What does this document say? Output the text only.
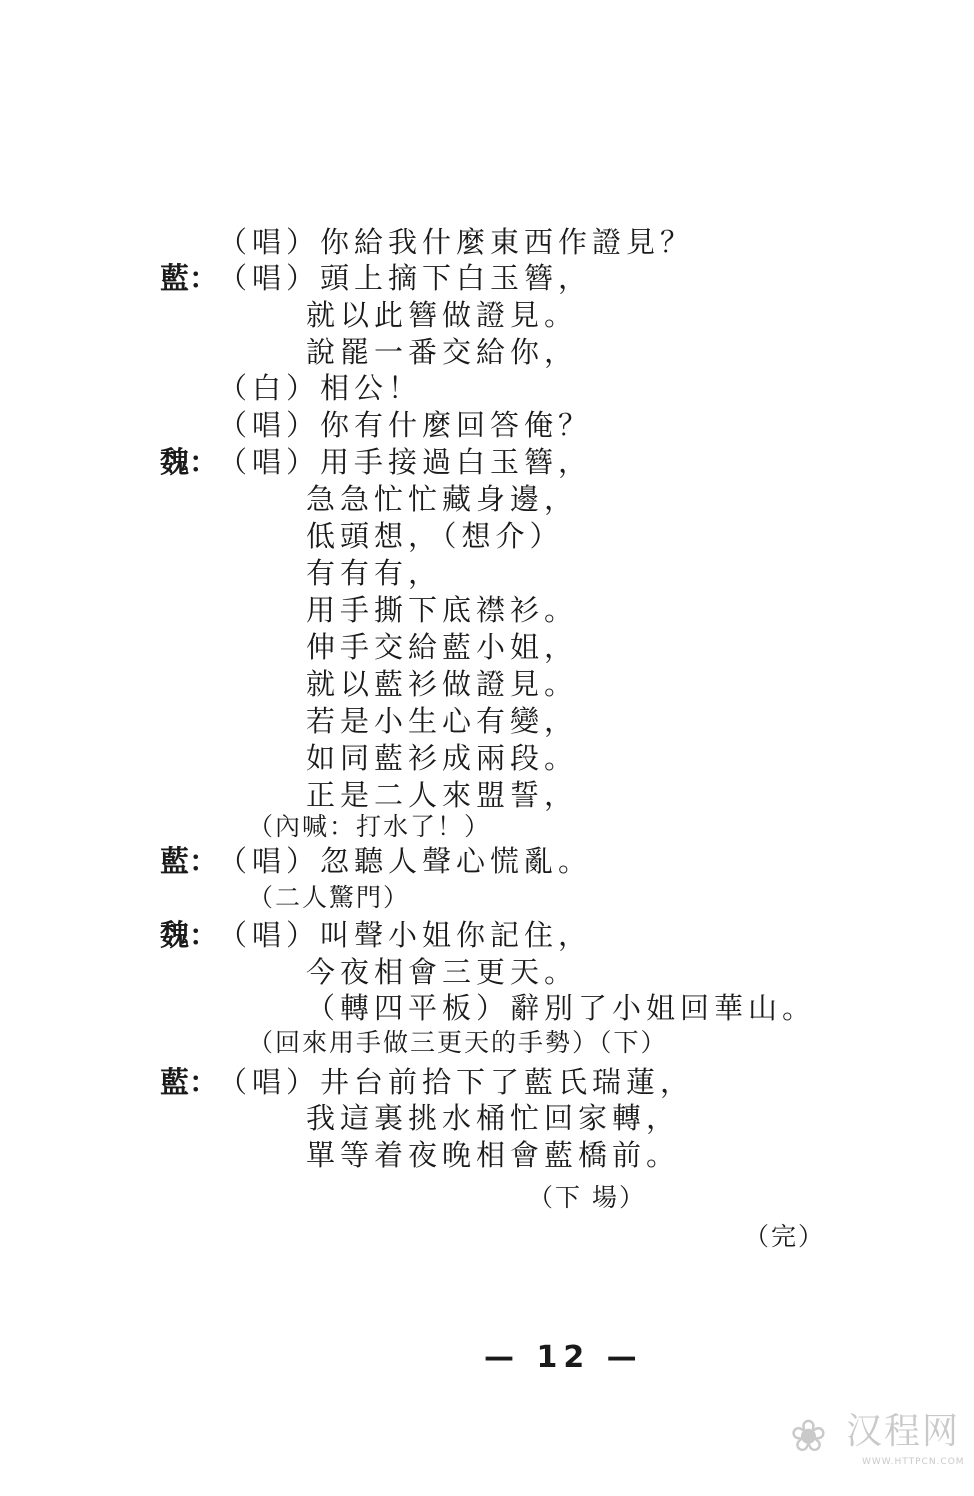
藍：
魏：
藍：
魏：
藍：
（唱）你給我什麼東西作證見？
（唱）頭上摘下白玉簪，
就以此簪做證見。
說罷一番交給你，
（白）相公！
（唱）你有什麼回答俺？
（唱）用手接過白玉簪，
急急忙忙藏身邊，
低頭想，（想介）
有有有，
用手撕下底襟衫。
伸手交給藍小姐，
就以藍衫做證見。
若是小生心有變，
如同藍衫成兩段。
正是二人來盟誓，
（內喊：打水了！）
（唱）忽聽人聲心慌亂。
（二人驚門）
（唱）叫聲小姐你記住，
今夜相會三更天。
（轉四平板）辭別了小姐回華山。
（回來用手做三更天的手勢）（下）
（唱）井台前拾下了藍氏瑞蓮，
我這裏挑水桶忙回家轉，
單等着夜晚相會藍橋前。
（下 場）
（完）
— 12 —
❀ 汉程网
WWW.HTTPCN.COM
